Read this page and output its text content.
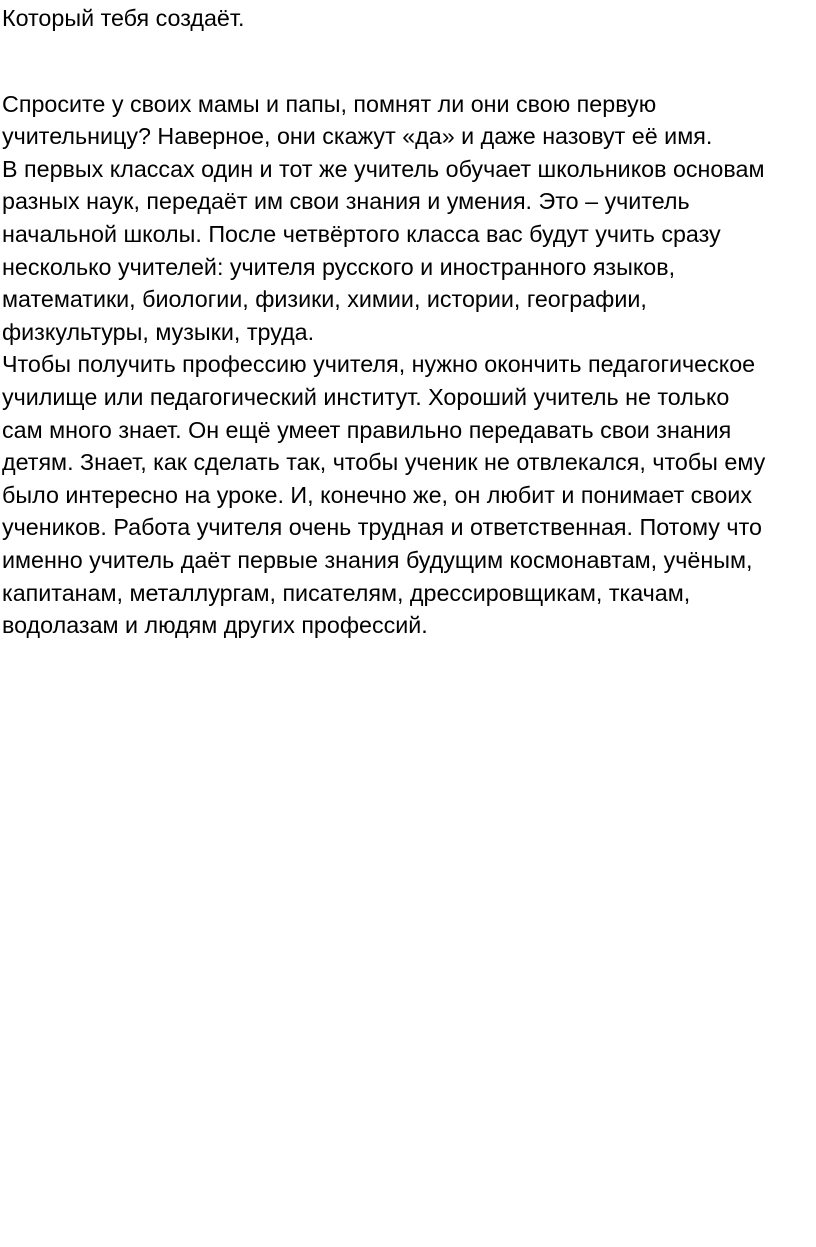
Который тебя создаёт.
Спросите у своих мамы и папы, помнят ли они свою первую
учительницу? Наверное, они скажут «да» и даже назовут её имя.
В первых классах один и тот же учитель обучает школьников основам
разных наук, передаёт им свои знания и умения. Это – учитель
начальной школы. После четвёртого класса вас будут учить сразу
несколько учителей: учителя русского и иностранного языков,
математики, биологии, физики, химии, истории, географии,
физкультуры, музыки, труда.
Чтобы получить профессию учителя, нужно окончить педагогическое
училище или педагогический институт. Хороший учитель не только
сам много знает. Он ещё умеет правильно передавать свои знания
детям. Знает, как сделать так, чтобы ученик не отвлекался, чтобы ему
было интересно на уроке. И, конечно же, он любит и понимает своих
учеников. Работа учителя очень трудная и ответственная. Потому что
именно учитель даёт первые знания будущим космонавтам, учёным,
капитанам, металлургам, писателям, дрессировщикам, ткачам,
водолазам и людям других профессий.
